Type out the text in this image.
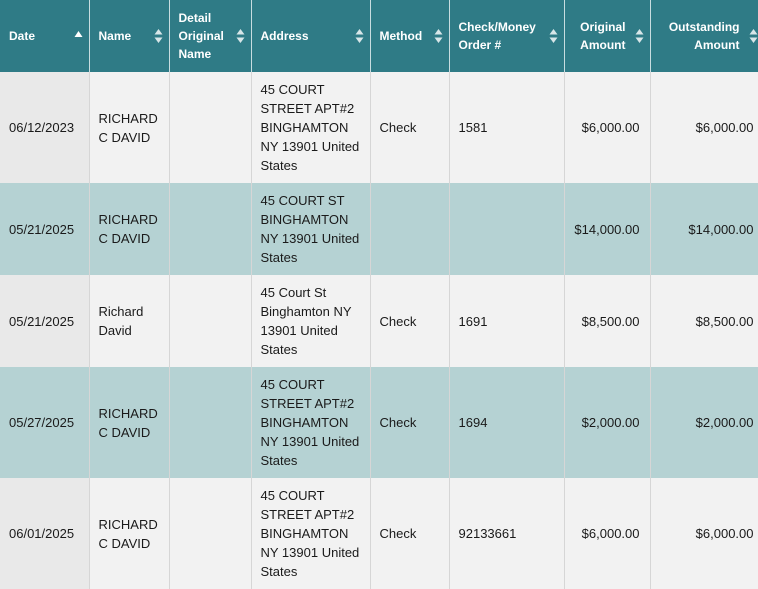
Date	Name	Detail Original Name	Address	Method	Check/Money Order #	Original Amount	Outstanding Amount

06/12/2023	RICHARD C DAVID		45 COURT STREET APT#2 BINGHAMTON NY 13901 United States	Check	1581	$6,000.00	$6,000.00
05/21/2025	RICHARD C DAVID		45 COURT ST BINGHAMTON NY 13901 United States			$14,000.00	$14,000.00
05/21/2025	Richard David		45 Court St Binghamton NY 13901 United States	Check	1691	$8,500.00	$8,500.00
05/27/2025	RICHARD C DAVID		45 COURT STREET APT#2 BINGHAMTON NY 13901 United States	Check	1694	$2,000.00	$2,000.00
06/01/2025	RICHARD C DAVID		45 COURT STREET APT#2 BINGHAMTON NY 13901 United States	Check	92133661	$6,000.00	$6,000.00
